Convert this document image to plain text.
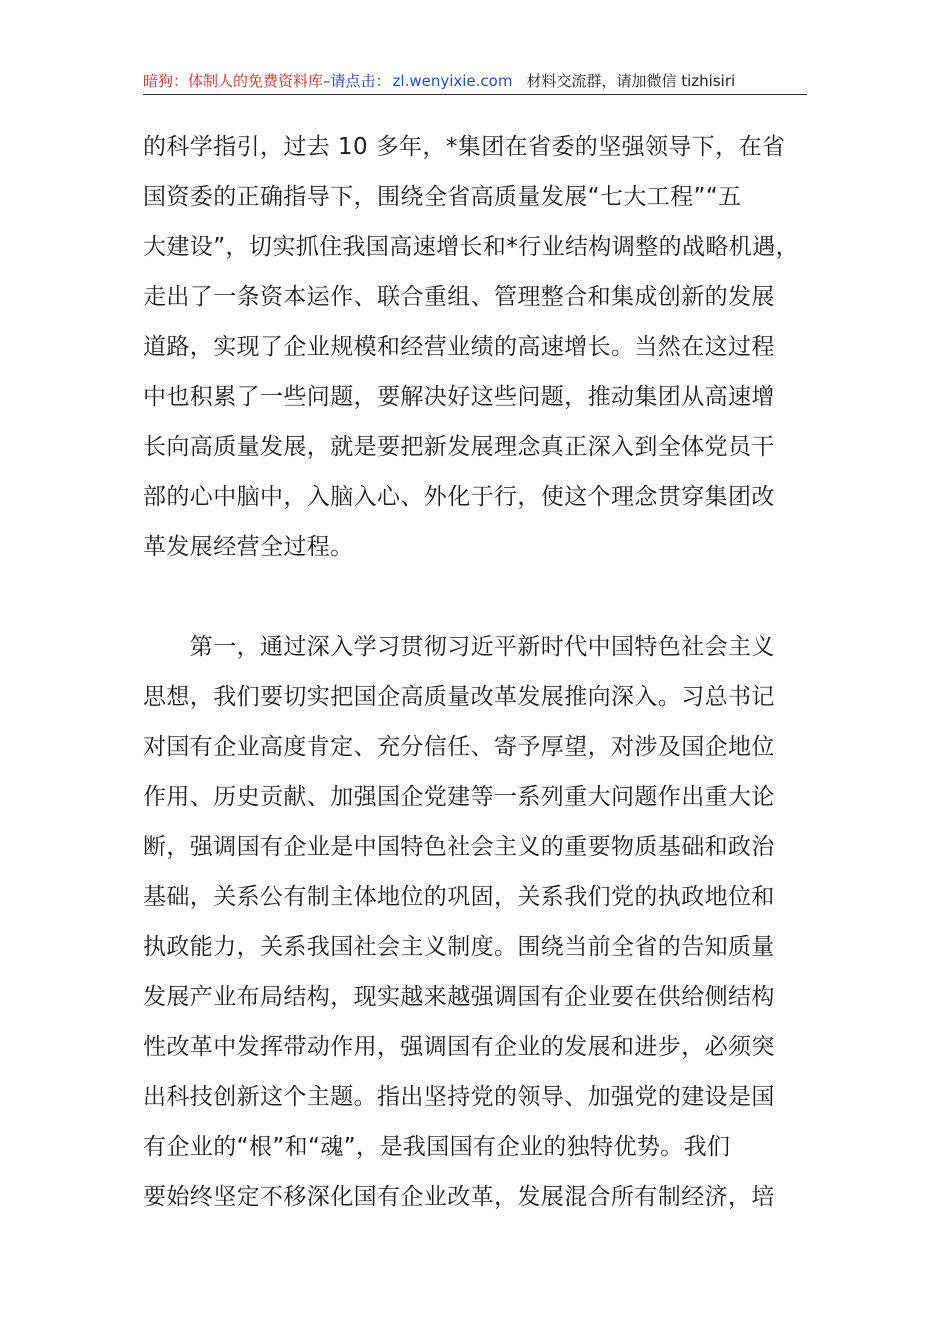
暗狗：体制人的免费资料库–请点击： zl.wenyixie.com 材料交流群，请加微信 tizhisiri
的科学指引，过去 10 多年，*集团在省委的坚强领导下，在省
国资委的正确指导下，围绕全省高质量发展“七大工程”“五
大建设”，切实抓住我国高速增长和*行业结构调整的战略机遇，
走出了一条资本运作、联合重组、管理整合和集成创新的发展
道路，实现了企业规模和经营业绩的高速增长。当然在这过程
中也积累了一些问题，要解决好这些问题，推动集团从高速增
长向高质量发展，就是要把新发展理念真正深入到全体党员干
部的心中脑中，入脑入心、外化于行，使这个理念贯穿集团改
革发展经营全过程。
　　第一，通过深入学习贯彻习近平新时代中国特色社会主义
思想，我们要切实把国企高质量改革发展推向深入。习总书记
对国有企业高度肯定、充分信任、寄予厚望，对涉及国企地位
作用、历史贡献、加强国企党建等一系列重大问题作出重大论
断，强调国有企业是中国特色社会主义的重要物质基础和政治
基础，关系公有制主体地位的巩固，关系我们党的执政地位和
执政能力，关系我国社会主义制度。围绕当前全省的告知质量
发展产业布局结构，现实越来越强调国有企业要在供给侧结构
性改革中发挥带动作用，强调国有企业的发展和进步，必须突
出科技创新这个主题。指出坚持党的领导、加强党的建设是国
有企业的“根”和“魂”，是我国国有企业的独特优势。我们
要始终坚定不移深化国有企业改革，发展混合所有制经济，培
